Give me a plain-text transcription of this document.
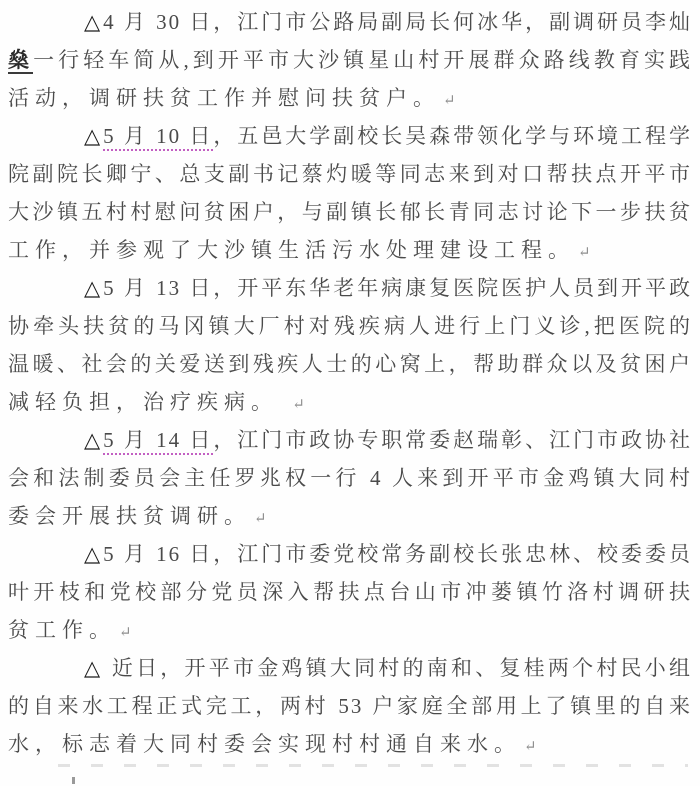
△4 月 30 日，江门市公路局副局长何冰华，副调研员李灿
燊一行轻车简从,到开平市大沙镇星山村开展群众路线教育实践
活动，调研扶贫工作并慰问扶贫户。 ↵
△5 月 10 日，五邑大学副校长吴森带领化学与环境工程学
院副院长卿宁、总支副书记蔡灼暖等同志来到对口帮扶点开平市
大沙镇五村村慰问贫困户，与副镇长郁长青同志讨论下一步扶贫
工作，并参观了大沙镇生活污水处理建设工程。 ↵
△5 月 13 日，开平东华老年病康复医院医护人员到开平政
协牵头扶贫的马冈镇大厂村对残疾病人进行上门义诊,把医院的
温暖、社会的关爱送到残疾人士的心窝上，帮助群众以及贫困户
减轻负担，治疗疾病。 ↵
△5 月 14 日，江门市政协专职常委赵瑞彰、江门市政协社
会和法制委员会主任罗兆权一行 4 人来到开平市金鸡镇大同村
委会开展扶贫调研。 ↵
△5 月 16 日，江门市委党校常务副校长张忠林、校委委员
叶开枝和党校部分党员深入帮扶点台山市冲蒌镇竹洛村调研扶
贫工作。 ↵
△ 近日，开平市金鸡镇大同村的南和、复桂两个村民小组
的自来水工程正式完工，两村 53 户家庭全部用上了镇里的自来
水，标志着大同村委会实现村村通自来水。 ↵
